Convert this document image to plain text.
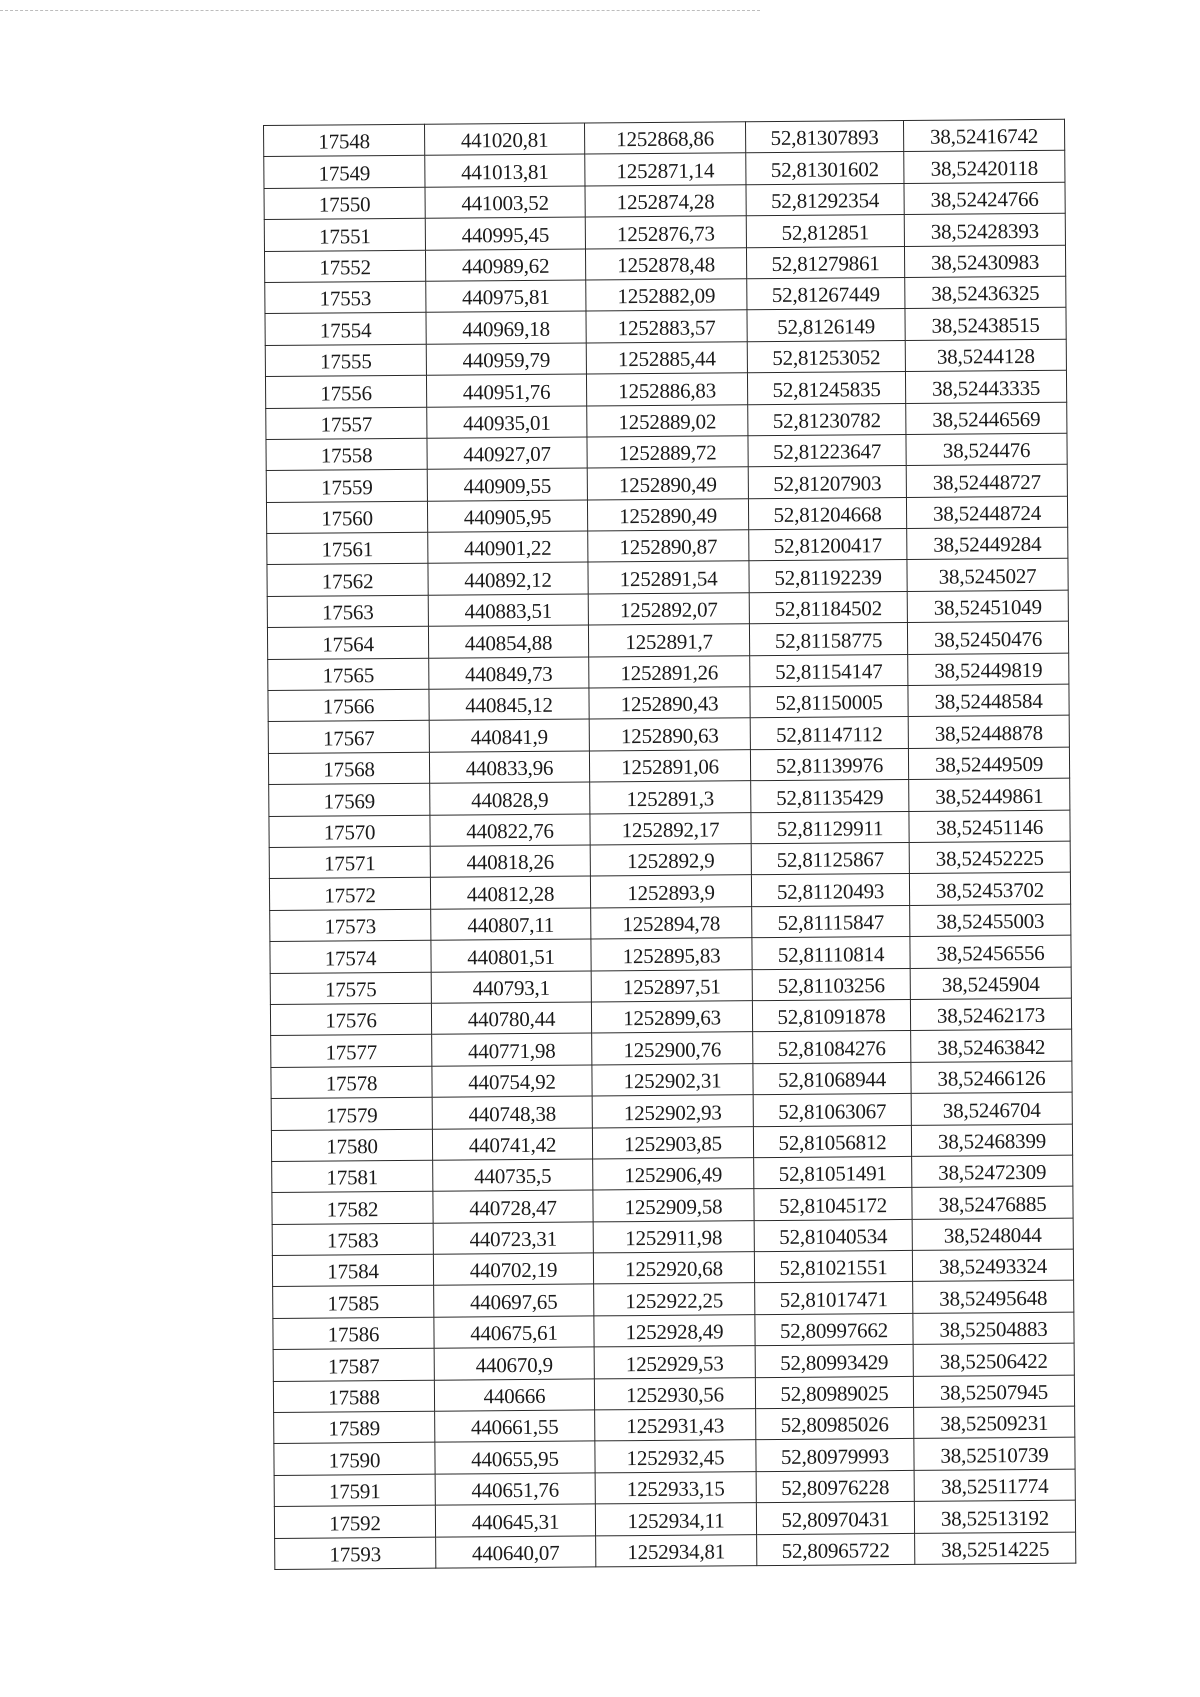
17548	441020,81	1252868,86	52,81307893	38,52416742
17549	441013,81	1252871,14	52,81301602	38,52420118
17550	441003,52	1252874,28	52,81292354	38,52424766
17551	440995,45	1252876,73	52,812851	38,52428393
17552	440989,62	1252878,48	52,81279861	38,52430983
17553	440975,81	1252882,09	52,81267449	38,52436325
17554	440969,18	1252883,57	52,8126149	38,52438515
17555	440959,79	1252885,44	52,81253052	38,5244128
17556	440951,76	1252886,83	52,81245835	38,52443335
17557	440935,01	1252889,02	52,81230782	38,52446569
17558	440927,07	1252889,72	52,81223647	38,524476
17559	440909,55	1252890,49	52,81207903	38,52448727
17560	440905,95	1252890,49	52,81204668	38,52448724
17561	440901,22	1252890,87	52,81200417	38,52449284
17562	440892,12	1252891,54	52,81192239	38,5245027
17563	440883,51	1252892,07	52,81184502	38,52451049
17564	440854,88	1252891,7	52,81158775	38,52450476
17565	440849,73	1252891,26	52,81154147	38,52449819
17566	440845,12	1252890,43	52,81150005	38,52448584
17567	440841,9	1252890,63	52,81147112	38,52448878
17568	440833,96	1252891,06	52,81139976	38,52449509
17569	440828,9	1252891,3	52,81135429	38,52449861
17570	440822,76	1252892,17	52,81129911	38,52451146
17571	440818,26	1252892,9	52,81125867	38,52452225
17572	440812,28	1252893,9	52,81120493	38,52453702
17573	440807,11	1252894,78	52,81115847	38,52455003
17574	440801,51	1252895,83	52,81110814	38,52456556
17575	440793,1	1252897,51	52,81103256	38,5245904
17576	440780,44	1252899,63	52,81091878	38,52462173
17577	440771,98	1252900,76	52,81084276	38,52463842
17578	440754,92	1252902,31	52,81068944	38,52466126
17579	440748,38	1252902,93	52,81063067	38,5246704
17580	440741,42	1252903,85	52,81056812	38,52468399
17581	440735,5	1252906,49	52,81051491	38,52472309
17582	440728,47	1252909,58	52,81045172	38,52476885
17583	440723,31	1252911,98	52,81040534	38,5248044
17584	440702,19	1252920,68	52,81021551	38,52493324
17585	440697,65	1252922,25	52,81017471	38,52495648
17586	440675,61	1252928,49	52,80997662	38,52504883
17587	440670,9	1252929,53	52,80993429	38,52506422
17588	440666	1252930,56	52,80989025	38,52507945
17589	440661,55	1252931,43	52,80985026	38,52509231
17590	440655,95	1252932,45	52,80979993	38,52510739
17591	440651,76	1252933,15	52,80976228	38,52511774
17592	440645,31	1252934,11	52,80970431	38,52513192
17593	440640,07	1252934,81	52,80965722	38,52514225
